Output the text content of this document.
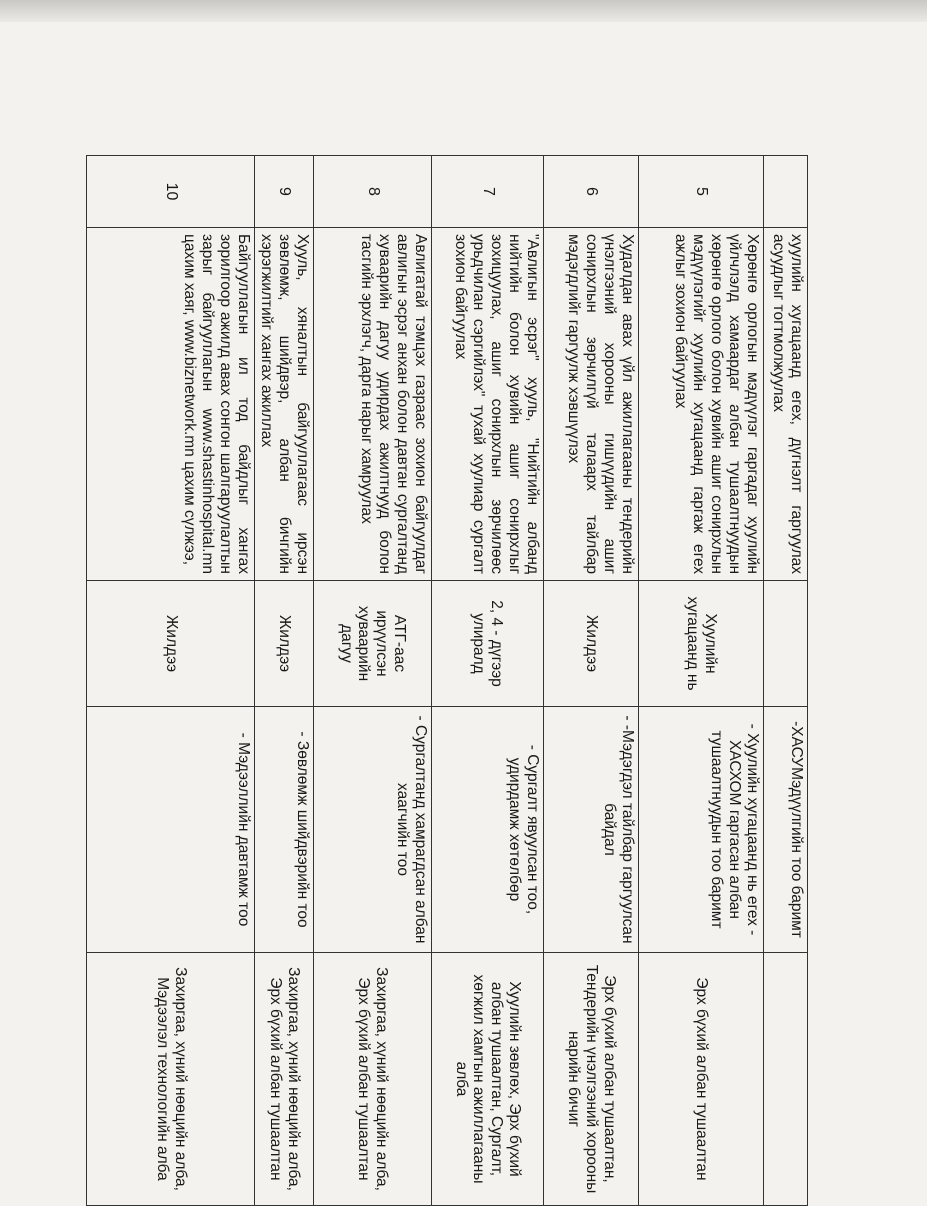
	хуулийн хугацаанд егех, дүгнэлт гаргуулах асуудлыг тогтмолжуулах		-ХАСУМэдүүлгийн тоо баримт	
5	Хөрөнгө орлогын мэдүүлэг гаргадаг хуулийн үйлчлэлд хамаардаг албан тушаалтнуудын хөрөнгө орлого болон хувийн ашиг сонирхлын мэдүүлэгийг хуулийн хугацаанд гаргаж егех ажлыг зохион байгуулах	Хуулийн хугацаанд нь	- Хуулийн хугацаанд нь егех - ХАСХОМ гаргасан албан тушаалтнуудын тоо баримт	Эрх бүхий албан тушаалтан
6	Худалдан авах үйл ажиллагааны тендерийн үнэлгээний хорооны гишүүдийн ашиг сонирхлын зөрчилгүй талаарх тайлбар мэдэгдлийг гаргуулж хэвшүүлэх	Жилдээ	- -Мэдэгдэл тайлбар гаргуулсан байдал	Эрх бүхий албан тушаалтан, Тендерийн үнэлгээний хорооны нарийн бичиг
7	"Авлигын эсрэг" хууль, "Нийтийн албанд нийтийн болон хувийн ашиг сонирхлыг зохицуулах, ашиг сонирхлын зөрчилөөс урьдчилан сэргийлэх" тухай хуулиар сургалт зохион байгуулах	2, 4 - дүгээр улиралд	- Сургалт явуулсан тоо, удирдамж хөтөлбөр	Хуулийн зөвлөх, Эрх бүхий албан тушаалтан, Сургалт, хөгжил хамтын ажиллагааны алба
8	Авлигатай тэмцэх газраас зохион байгуулдаг авлигын эсрэг анхан болон давтан сургалтанд хуваарийн дагуу удирдах ажилтнууд болон тасгийн эрхлэгч, дарга нарыг хамруулах	АТГ-аас ирүүлсэн хуваарийн дагуу	- Сургалтанд хамрагдсан албан хаагчийн тоо	Захиргаа, хүний нөөцийн алба, Эрх бүхий албан тушаалтан
9	Хууль, хяналтын байгууллагаас ирсэн зөвлөмж, шийдвэр, албан бичгийн хэрэгжилтийг хангах ажиллах	Жилдээ	- Зөвлөмж шийдвэрийн тоо	Захиргаа, хүний нөөцийн алба, Эрх бүхий албан тушаалтан
10	Байгууллагын ил тод байдлыг хангах зорилгоор ажилд авах сонгон шалгаруулалтын зарыг байгууллагын www.shastinhospital.mn цахим хаяг, www.biznetwork.mn цахим сүлжээ,	Жилдээ	- Мэдээллийн давтамж тоо	Захиргаа, хүний нөөцийн алба, Мэдээлэл технологийн алба
